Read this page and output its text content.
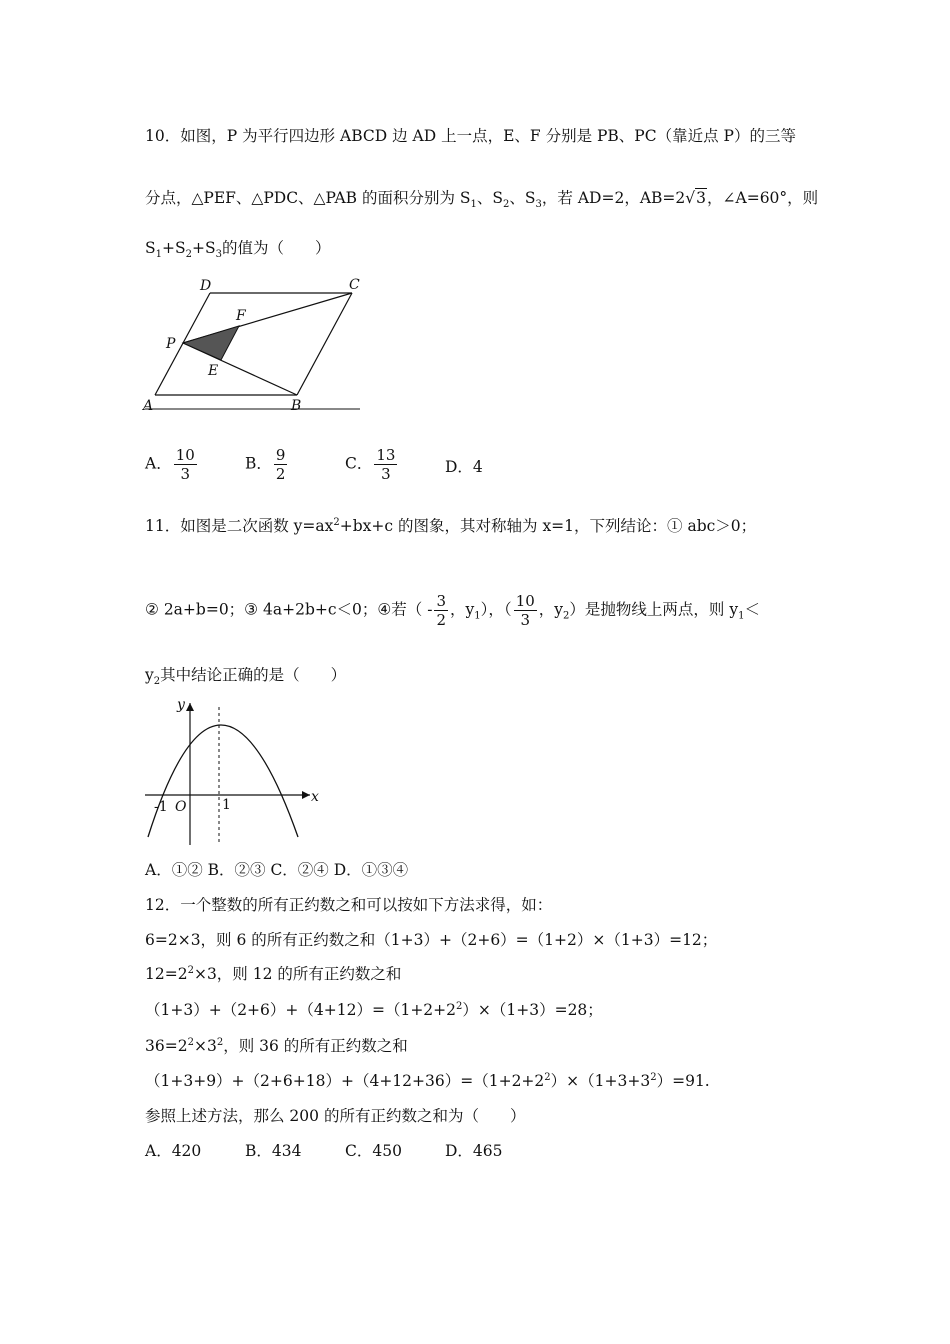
10．如图，P 为平行四边形 ABCD 边 AD 上一点，E、F 分别是 PB、PC（靠近点 P）的三等
分点，△PEF、△PDC、△PAB 的面积分别为 $S_1$、$S_2$、$S_3$，若 AD=2，AB=2√3，∠A=60°，则
$S_1+S_2+S_3$的值为（　　）
A	B
C
D
P
E
F
A． $\frac{10}{3}$	B． $\frac{9}{2}$	C． $\frac{13}{3}$	D．4
11．如图是二次函数 $y=ax^2+bx+c$ 的图象，其对称轴为 x=1，下列结论：① abc＞0；
② 2a+b=0；③ 4a+2b+c＜0；④若（ - $\frac{3}{2}$ ，$y_1$），（ $\frac{10}{3}$ ，$y_2$）是抛物线上两点，则 $y_1<$
$y_2$其中结论正确的是（　　）
y
x
-1 O	1
A．①② B．②③ C．②④ D．①③④
12．一个整数的所有正约数之和可以按如下方法求得，如：
6=2×3，则 6 的所有正约数之和（1+3）+（2+6）=（1+2）×（1+3）=12；
$12=2^2\times 3$，则 12 的所有正约数之和
$(1+3)+(2+6)+(4+12)=(1+2+2^2)\times(1+3)=28$；
$36=2^2\times 3^2$，则 36 的所有正约数之和
$(1+3+9)+(2+6+18)+(4+12+36)=(1+2+2^2)\times(1+3+3^2)=91$.
参照上述方法，那么 200 的所有正约数之和为（　　）
A．420	B．434	C．450	D．465
